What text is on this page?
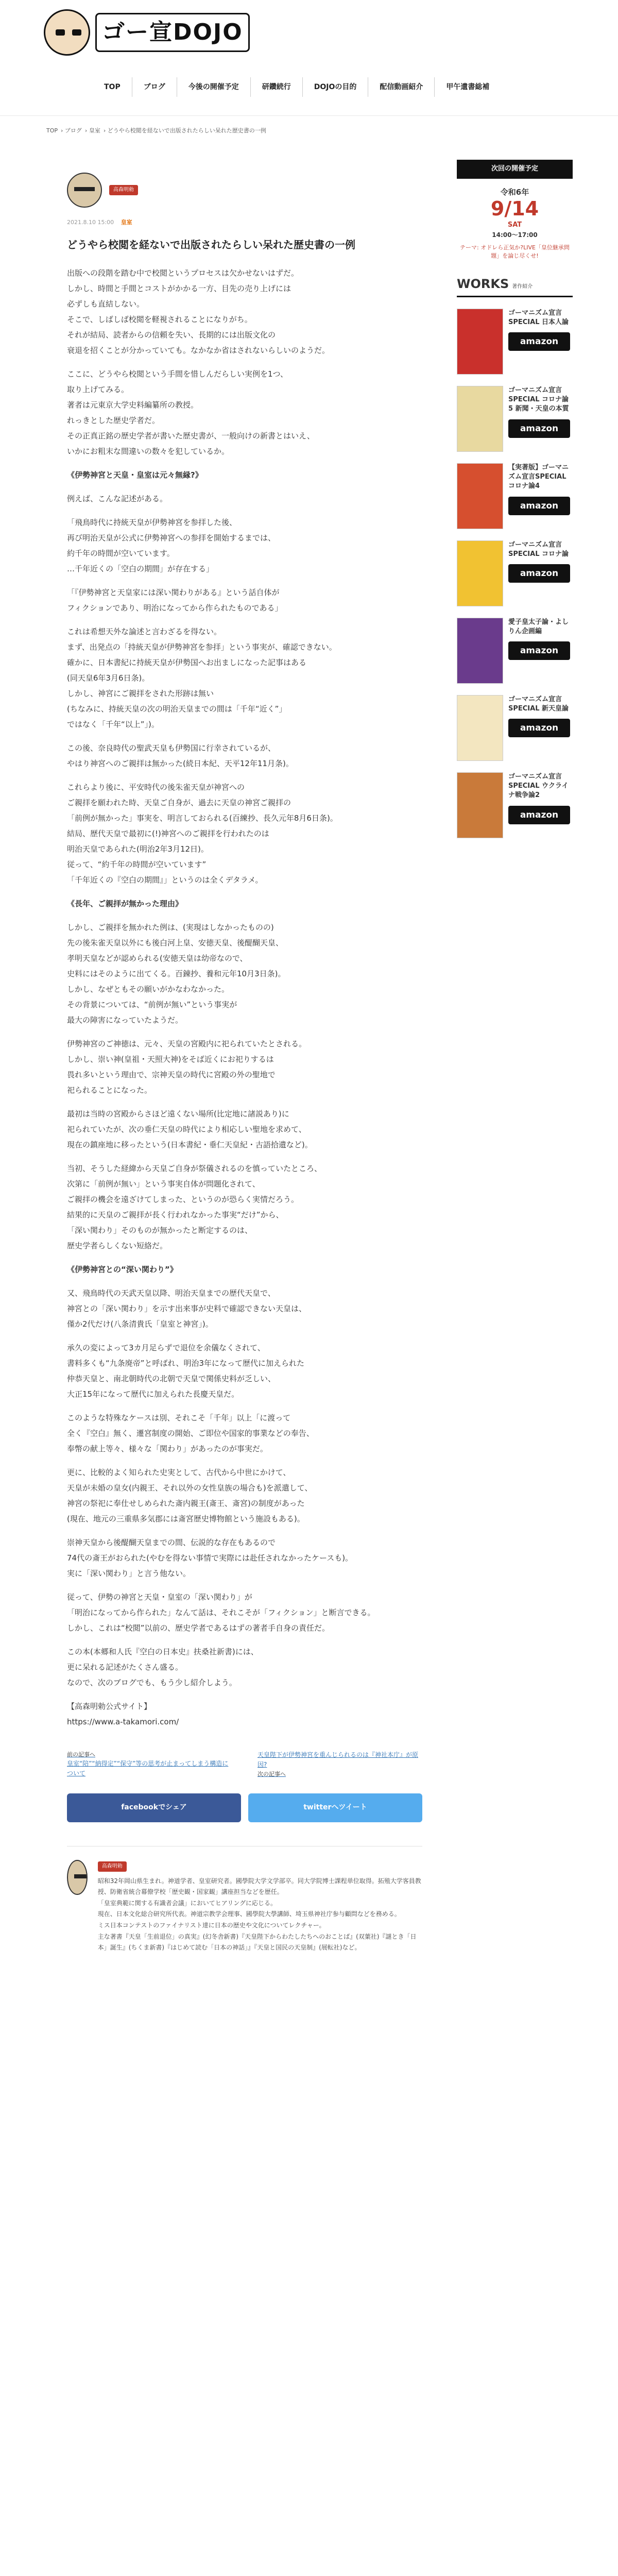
ゴー宣DOJO
TOP	ブログ	今後の開催予定	研鑽続行	DOJOの目的	配信動画紹介	甲午遺書総補
TOP › ブログ › 皇室 › どうやら校閲を経ないで出版されたらしい呆れた歴史書の一例
高森明勅
2021.8.10 15:00 皇室
どうやら校閲を経ないで出版されたらしい呆れた歴史書の一例

出版への段階を踏む中で校閲というプロセスは欠かせないはずだ。
しかし、時間と手間とコストがかかる一方、目先の売り上げには
必ずしも直結しない。
そこで、しばしば校閲を軽視されることになりがち。
それが結局、読者からの信頼を失い、長期的には出版文化の
衰退を招くことが分かっていても。なかなか省はされないらしいのようだ。

ここに、どうやら校閲という手間を惜しんだらしい実例を1つ、
取り上げてみる。
著者は元東京大学史料編纂所の教授。
れっきとした歴史学者だ。
その正真正銘の歴史学者が書いた歴史書が、一般向けの新書とはいえ、
いかにお粗末な間違いの数々を犯しているか。

《伊勢神宮と天皇・皇室は元々無縁?》

例えば、こんな記述がある。

「飛鳥時代に持統天皇が伊勢神宮を参拝した後、
再び明治天皇が公式に伊勢神宮への参拝を開始するまでは、
約千年の時間が空いています。
…千年近くの「空白の期間」が存在する」

「『伊勢神宮と天皇家には深い関わりがある』という話自体が
フィクションであり、明治になってから作られたものである」

これは希想天外な論述と言わざるを得ない。
まず、出発点の「持統天皇が伊勢神宮を参拝」という事実が、確認できない。
確かに、日本書紀に持統天皇が伊勢国へお出ましになった記事はある
(同天皇6年3月6日条)。
しかし、神宮にご親拝をされた形跡は無い
(ちなみに、持統天皇の次の明治天皇までの間は「千年“近く”」
ではなく「千年“以上”」)。

この後、奈良時代の聖武天皇も伊勢国に行幸されているが、
やはり神宮へのご親拝は無かった(続日本紀、天平12年11月条)。

これらより後に、平安時代の後朱雀天皇が神宮への
ご親拝を願われた時、天皇ご自身が、過去に天皇の神宮ご親拝の
「前例が無かった」事実を、明言しておられる(百練抄、長久元年8月6日条)。
結局、歴代天皇で最初に(!)神宮へのご親拝を行われたのは
明治天皇であられた(明治2年3月12日)。
従って、“約千年の時間が空いています”
「千年近くの『空白の期間』」というのは全くデタラメ。

《長年、ご親拝が無かった理由》

しかし、ご親拝を無かれた例は、(実現はしなかったものの)
先の後朱雀天皇以外にも後白河上皇、安徳天皇、後醍醐天皇、
孝明天皇などが認められる(安徳天皇は幼帝なので、
史料にはそのように出てくる。百錬抄、養和元年10月3日条)。
しかし、なぜともその願いがかなわなかった。
その背景については、“前例が無い”という事実が
最大の障害になっていたようだ。

伊勢神宮のご神徳は、元々、天皇の宮殿内に祀られていたとされる。
しかし、崇い神(皇祖・天照大神)をそば近くにお祀りするは
畏れ多いという理由で、宗神天皇の時代に宮殿の外の聖地で
祀られることになった。

最初は当時の宮殿からさほど遠くない場所(比定地に諸説あり)に
祀られていたが、次の垂仁天皇の時代により相応しい聖地を求めて、
現在の鎮座地に移ったという(日本書紀・垂仁天皇紀・古語拾遺など)。

当初、そうした経緯から天皇ご自身が祭儀されるのを慎っていたところ、
次第に「前例が無い」という事実自体が問題化されて、
ご親拝の機会を遠ざけてしまった、というのが恐らく実情だろう。
結果的に天皇のご親拝が長く行われなかった事実“だけ”から、
「深い関わり」そのものが無かったと断定するのは、
歴史学者らしくない短絡だ。

《伊勢神宮との“深い関わり”》

又、飛鳥時代の天武天皇以降、明治天皇までの歴代天皇で、
神宮との「深い関わり」を示す出来事が史料で確認できない天皇は、
僅か2代だけ(八条清貴氏「皇室と神宮」)。

承久の変によって3カ月足らずで退位を余儀なくされて、
書料多くも“九条廃帝”と呼ばれ、明治3年になって歴代に加えられた
仲恭天皇と、南北朝時代の北朝で天皇で関係史料が乏しい、
大正15年になって歴代に加えられた長慶天皇だ。

このような特殊なケースは別、それこそ「千年」以上「に渡って
全く『空白』無く、遷宮制度の開始、ご即位や国家的事業などの奉告、
奉幣の献上等々、様々な「関わり」があったのが事実だ。

更に、比較的よく知られた史実として、古代から中世にかけて、
天皇が未婚の皇女(内親王、それ以外の女性皇族の場合も)を派遣して、
神宮の祭祀に奉仕せしめられた斎内親王(斎王、斎宮)の制度があった
(現在、地元の三重県多気郡には斎宮歴史博物館という施設もある)。

崇神天皇から後醍醐天皇までの間、伝説的な存在もあるので
74代の斎王がおられた(やむを得ない事情で実際には赴任されなかったケースも)。
実に「深い関わり」と言う他ない。

従って、伊勢の神宮と天皇・皇室の「深い関わり」が
「明治になってから作られた」なんて話は、それこそが「フィクション」と断言できる。
しかし、これは“校閲”以前の、歴史学者であるはずの著者手自身の責任だ。

この本(本郷和人氏『空白の日本史』扶桑社新書)には、
更に呆れる記述がたくさん盛る。
なので、次のブログでも、もう少し紹介しよう。

【高森明勅公式サイト】
https://www.a-takamori.com/

前の記事へ
皇室“陪”“納得定”“保守”等の思考が止まってしまう構造について
天皇陛下が伊勢神宮を重んじられるのは『神社本庁』が原因?
次の記事へ
facebookでシェア	twitterへツイート
高森明勅

昭和32年岡山県生まれ。神道学者、皇室研究者。國學院大学文学部卒。同大学院博士課程単位取得。拓殖大学客員教授、防衛省統合幕僚学校「歴史観・国家観」講座担当などを歴任。
「皇室典範に関する有識者会議」においてヒアリングに応じる。
現在、日本文化総合研究所代表。神道宗教学会理事、國學院大學講師、埼玉県神社庁参与顧問などを務める。
ミス日本コンテストのファイナリスト達に日本の歴史や文化についてレクチャー。
主な著書『天皇「生前退位」の真実』(幻冬舎新書)『天皇陛下からわたしたちへのおことば』(双葉社)『謎とき「日本」誕生』(ちくま新書)『はじめて読む「日本の神話」』『天皇と国民の天皇制』(展転社)など。

次回の開催予定
令和6年
9/14
SAT
14:00〜17:00
テーマ: オドレら正気か?LIVE「皇位継承問題」を論じ尽くせ!
WORKS 著作紹介
ゴーマニズム宣言SPECIAL 日本人論
amazon
ゴーマニズム宣言SPECIAL コロナ論5 新聞・天皇の本質
amazon
【実著版】ゴーマニズム宣言SPECIAL コロナ論4
amazon
ゴーマニズム宣言SPECIAL コロナ論
amazon
愛子皇太子論・よしりん企画編
amazon
ゴーマニズム宣言SPECIAL 新天皇論
amazon
ゴーマニズム宣言SPECIAL ウクライナ戦争論2
amazon
